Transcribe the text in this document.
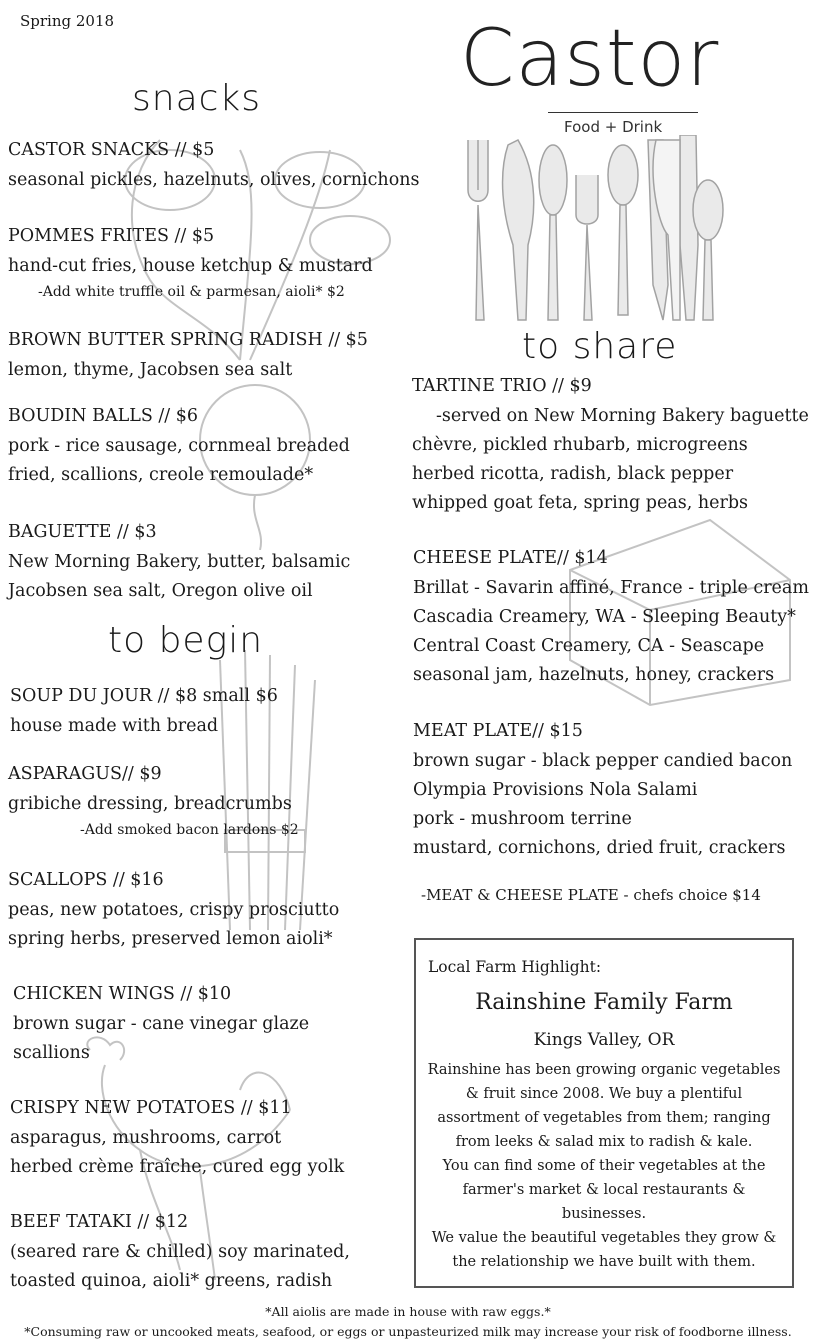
Spring 2018	Castor
Food + Drink
snacks
to begin
to share
CASTOR SNACKS // $5
seasonal pickles, hazelnuts, olives, cornichons
POMMES FRITES // $5
hand-cut fries, house ketchup & mustard
-Add white truffle oil & parmesan, aioli* $2
BROWN BUTTER SPRING RADISH // $5
lemon, thyme, Jacobsen sea salt
BOUDIN BALLS // $6
pork - rice sausage, cornmeal breaded
fried, scallions, creole remoulade*
BAGUETTE // $3
New Morning Bakery, butter, balsamic
Jacobsen sea salt, Oregon olive oil
SOUP DU JOUR // $8 small $6
house made with bread
ASPARAGUS// $9
gribiche dressing, breadcrumbs
-Add smoked bacon lardons $2
SCALLOPS // $16
peas, new potatoes, crispy prosciutto
spring herbs, preserved lemon aioli*
CHICKEN WINGS // $10
brown sugar - cane vinegar glaze
scallions
CRISPY NEW POTATOES // $11
asparagus, mushrooms, carrot
herbed crème fraîche, cured egg yolk
BEEF TATAKI // $12
(seared rare & chilled) soy marinated,
toasted quinoa, aioli* greens, radish
TARTINE TRIO // $9
-served on New Morning Bakery baguette
chèvre, pickled rhubarb, microgreens
herbed ricotta, radish, black pepper
whipped goat feta, spring peas, herbs
CHEESE PLATE// $14
Brillat - Savarin affiné, France - triple cream
Cascadia Creamery, WA - Sleeping Beauty*
Central Coast Creamery, CA - Seascape
seasonal jam, hazelnuts, honey, crackers
MEAT PLATE// $15
brown sugar - black pepper candied bacon
Olympia Provisions Nola Salami
pork - mushroom terrine
mustard, cornichons, dried fruit, crackers
-MEAT & CHEESE PLATE - chefs choice $14
Local Farm Highlight:
Rainshine Family Farm
Kings Valley, OR
Rainshine has been growing organic vegetables
& fruit since 2008. We buy a plentiful
assortment of vegetables from them; ranging
from leeks & salad mix to radish & kale.
You can find some of their vegetables at the
farmer's market & local restaurants &
businesses.
We value the beautiful vegetables they grow &
the relationship we have built with them.
*All aiolis are made in house with raw eggs.*
*Consuming raw or uncooked meats, seafood, or eggs or unpasteurized milk may increase your risk of foodborne illness.
